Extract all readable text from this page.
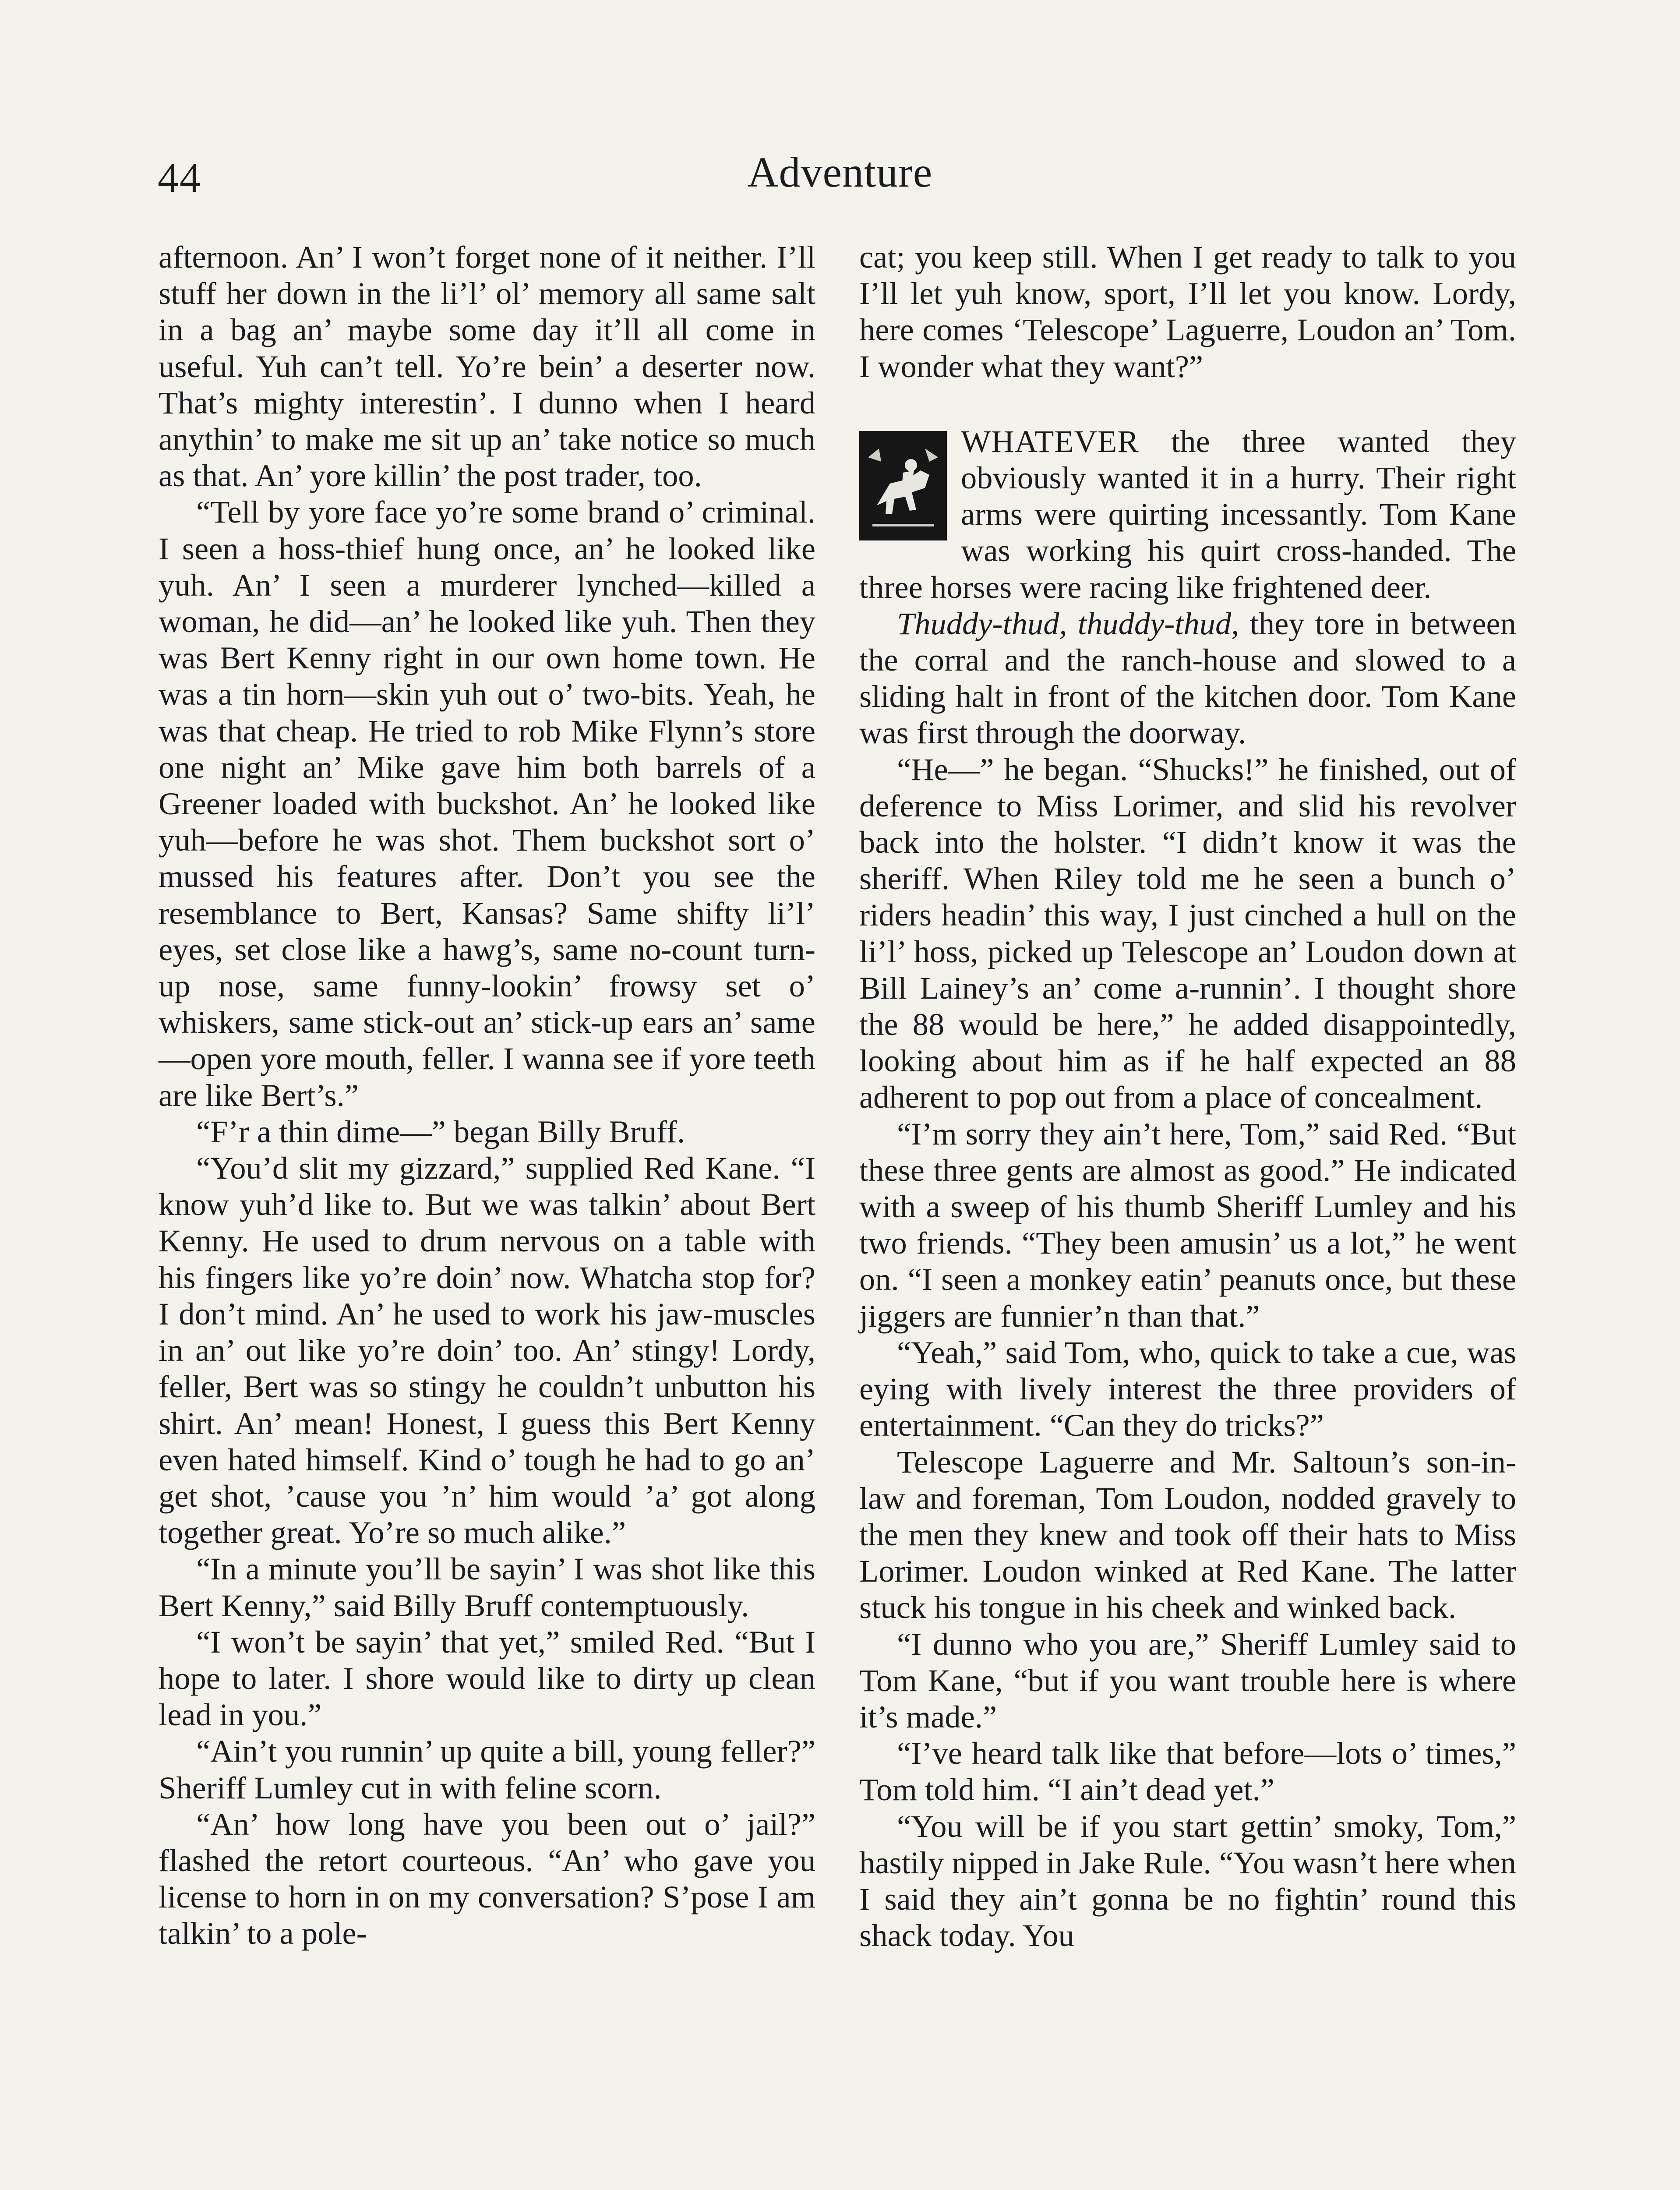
44	Adventure

afternoon. An’ I won’t forget none of it neither. I’ll stuff her down in the li’l’ ol’ memory all same salt in a bag an’ maybe some day it’ll all come in useful. Yuh can’t tell. Yo’re bein’ a deserter now. That’s mighty interestin’. I dunno when I heard anythin’ to make me sit up an’ take notice so much as that. An’ yore killin’ the post trader, too.

“Tell by yore face yo’re some brand o’ criminal. I seen a hoss-thief hung once, an’ he looked like yuh. An’ I seen a murderer lynched—killed a woman, he did—an’ he looked like yuh. Then they was Bert Kenny right in our own home town. He was a tin horn—skin yuh out o’ two-bits. Yeah, he was that cheap. He tried to rob Mike Flynn’s store one night an’ Mike gave him both barrels of a Greener loaded with buckshot. An’ he looked like yuh—before he was shot. Them buckshot sort o’ mussed his features after. Don’t you see the resemblance to Bert, Kansas? Same shifty li’l’ eyes, set close like a hawg’s, same no-count turn-up nose, same funny-lookin’ frowsy set o’ whiskers, same stick-out an’ stick-up ears an’ same—open yore mouth, feller. I wanna see if yore teeth are like Bert’s.”

“F’r a thin dime—” began Billy Bruff.

“You’d slit my gizzard,” supplied Red Kane. “I know yuh’d like to. But we was talkin’ about Bert Kenny. He used to drum nervous on a table with his fingers like yo’re doin’ now. Whatcha stop for? I don’t mind. An’ he used to work his jaw-muscles in an’ out like yo’re doin’ too. An’ stingy! Lordy, feller, Bert was so stingy he couldn’t unbutton his shirt. An’ mean! Honest, I guess this Bert Kenny even hated himself. Kind o’ tough he had to go an’ get shot, ’cause you ’n’ him would ’a’ got along together great. Yo’re so much alike.”

“In a minute you’ll be sayin’ I was shot like this Bert Kenny,” said Billy Bruff contemptuously.

“I won’t be sayin’ that yet,” smiled Red. “But I hope to later. I shore would like to dirty up clean lead in you.”

“Ain’t you runnin’ up quite a bill, young feller?” Sheriff Lumley cut in with feline scorn.

“An’ how long have you been out o’ jail?” flashed the retort courteous. “An’ who gave you license to horn in on my conversation? S’pose I am talkin’ to a pole-

cat; you keep still. When I get ready to talk to you I’ll let yuh know, sport, I’ll let you know. Lordy, here comes ‘Telescope’ Laguerre, Loudon an’ Tom. I wonder what they want?”

WHATEVER the three wanted they obviously wanted it in a hurry. Their right arms were quirting incessantly. Tom Kane was working his quirt cross-handed. The three horses were racing like frightened deer.

Thuddy-thud, thuddy-thud, they tore in between the corral and the ranch-house and slowed to a sliding halt in front of the kitchen door. Tom Kane was first through the doorway.

“He—” he began. “Shucks!” he finished, out of deference to Miss Lorimer, and slid his revolver back into the holster. “I didn’t know it was the sheriff. When Riley told me he seen a bunch o’ riders headin’ this way, I just cinched a hull on the li’l’ hoss, picked up Telescope an’ Loudon down at Bill Lainey’s an’ come a-runnin’. I thought shore the 88 would be here,” he added disappointedly, looking about him as if he half expected an 88 adherent to pop out from a place of concealment.

“I’m sorry they ain’t here, Tom,” said Red. “But these three gents are almost as good.” He indicated with a sweep of his thumb Sheriff Lumley and his two friends. “They been amusin’ us a lot,” he went on. “I seen a monkey eatin’ peanuts once, but these jiggers are funnier’n than that.”

“Yeah,” said Tom, who, quick to take a cue, was eying with lively interest the three providers of entertainment. “Can they do tricks?”

Telescope Laguerre and Mr. Saltoun’s son-in-law and foreman, Tom Loudon, nodded gravely to the men they knew and took off their hats to Miss Lorimer. Loudon winked at Red Kane. The latter stuck his tongue in his cheek and winked back.

“I dunno who you are,” Sheriff Lumley said to Tom Kane, “but if you want trouble here is where it’s made.”

“I’ve heard talk like that before—lots o’ times,” Tom told him. “I ain’t dead yet.”

“You will be if you start gettin’ smoky, Tom,” hastily nipped in Jake Rule. “You wasn’t here when I said they ain’t gonna be no fightin’ round this shack today. You
